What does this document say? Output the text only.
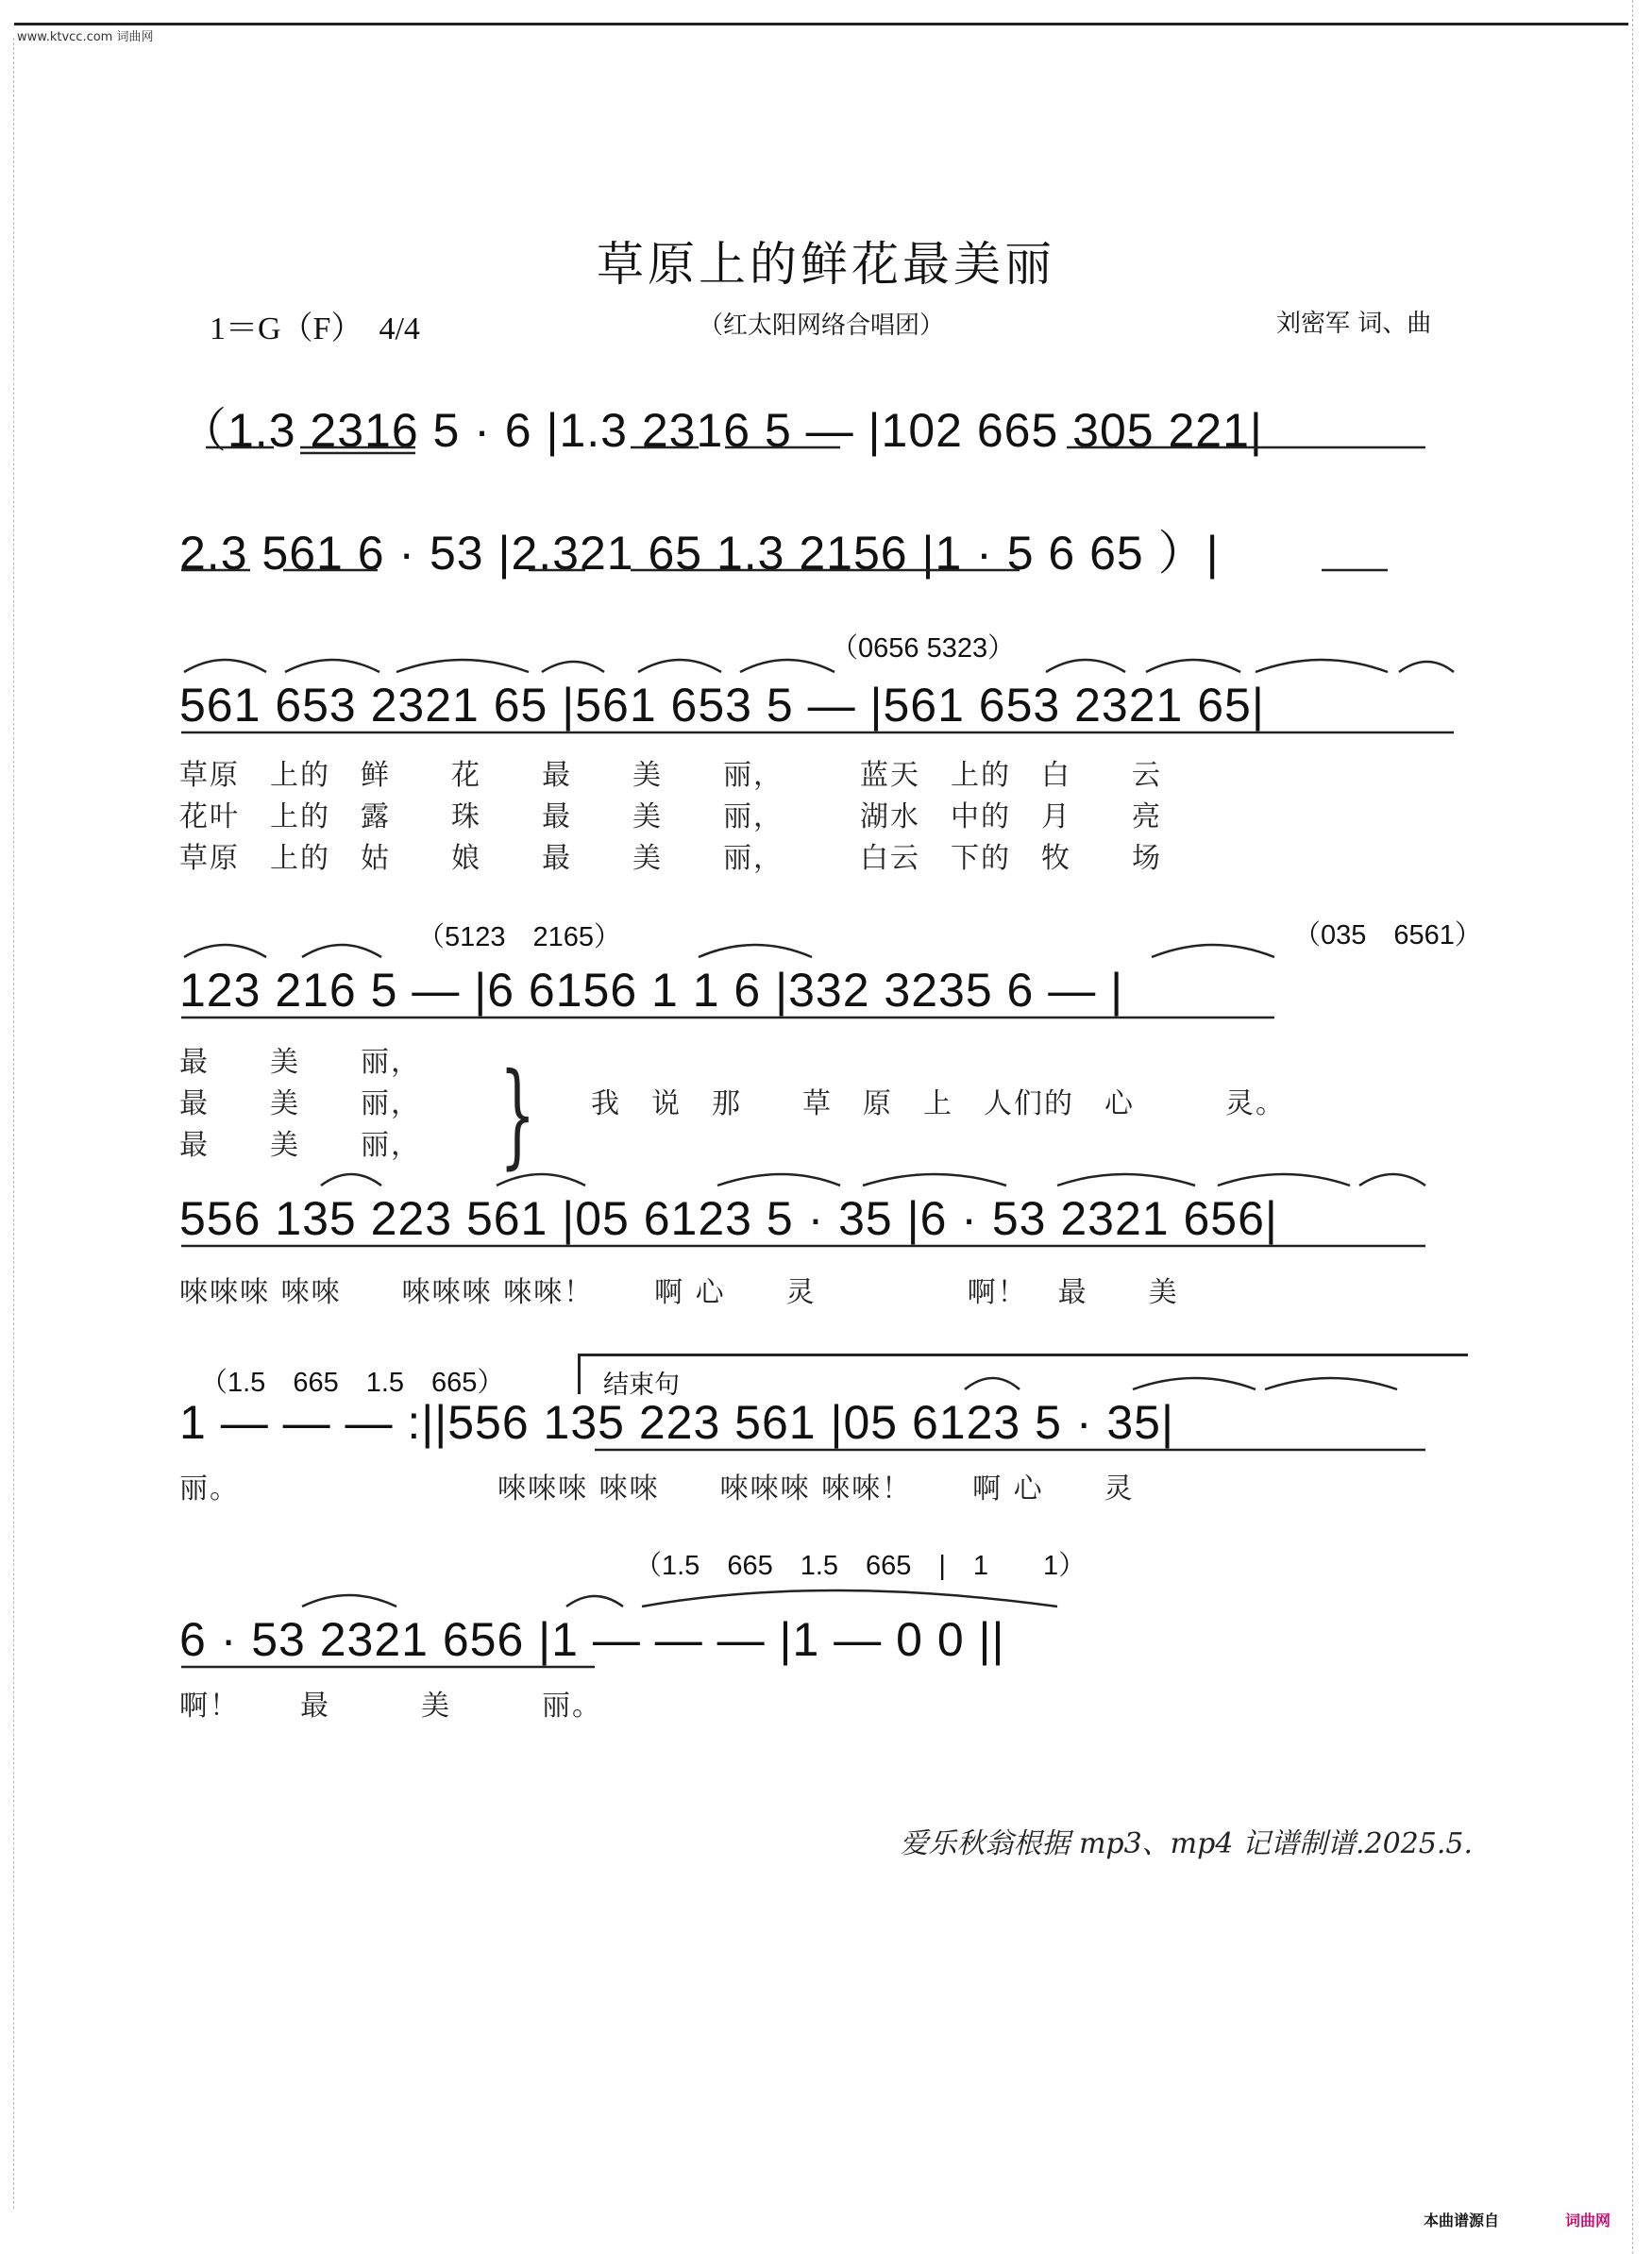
www.ktvcc.com 词曲网
草原上的鲜花最美丽
1＝G（F）　4/4	（红太阳网络合唱团）	刘密军 词、曲
（1.3 2316 5 · 6 |1.3 2316 5 — |102 665 305 221|
2.3 561 6 · 53 |2.321 65 1.3 2156 |1 · 5 6 65 ）|
（0656 5323）
561 653 2321 65 |561 653 5 — |561 653 2321 65|
草原　上的　鲜　　花　　最　　美　　丽，　　　蓝天　上的　白　　云
花叶　上的　露　　珠　　最　　美　　丽，　　　湖水　中的　月　　亮
草原　上的　姑　　娘　　最　　美　　丽，　　　白云　下的　牧　　场
（5123　2165）	（035　6561）
123 216 5 — |6 6156 1 1 6 |332 3235 6 — |
最　　美　　丽，
最　　美　　丽，
最　　美　　丽， } 我　说　那　　草　原　上　人们的　心　　　灵。
556 135 223 561 |05 6123 5 · 35 |6 · 53 2321 656|
唻唻唻 唻唻　　唻唻唻 唻唻！　　啊 心　　灵　　　　　啊！　最　　美
（1.5　665　1.5　665）	结束句
1 — — — :||556 135 223 561 |05 6123 5 · 35|
丽。　　　　　　　　　唻唻唻 唻唻　　唻唻唻 唻唻！　　啊 心　　灵
（1.5　665　1.5　665　|　1　　1）
6 · 53 2321 656 |1 — — — |1 — 0 0 ||
啊！　　最　　　美　　　丽。
爱乐秋翁根据 mp3、mp4 记谱制谱.2025.5.
本曲谱源自	词曲网
